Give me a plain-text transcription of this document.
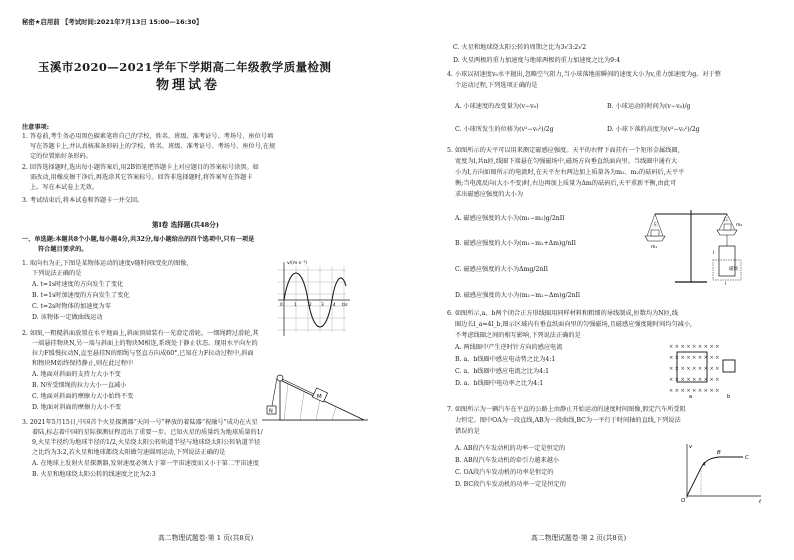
秘密★启用前 【考试时间:2021年7月13日 15:00—16:30】
玉溪市2020—2021学年下学期高二年级教学质量检测
物理试卷
注意事项:
1. 答卷前,考生务必用黑色碳素笔将自己的学校、姓名、班级、准考证号、考场号、座位号填
写在答题卡上,并认真核准条形码上的学校、姓名、班级、准考证号、考场号、座位号,在规
定的位置贴好条形码。
2. 回答选择题时,选出每小题答案后,用2B铅笔把答题卡上对应题目的答案标号涂黑。如
需改动,用橡皮擦干净后,再选涂其它答案标号。回答非选择题时,将答案写在答题卡
上。写在本试卷上无效。
3. 考试结束后,将本试卷和答题卡一并交回。
第Ⅰ卷 选择题(共48分)
一、单选题:本题共8个小题,每小题4分,共32分,每小题给出的四个选项中,只有一项是
符合题目要求的。
1. 取向右为正,下图是某物体运动的速度v随时间t变化的图像,
下列说法正确的是
A. t=1s时速度的方向发生了变化
B. t=1s时加速度的方向发生了变化
C. t=2s时物体的加速度为零
D. 该物体一定做曲线运动
v/(m·s⁻¹)
t/s
0	1	2 3 4
2. 如图,一粗糙斜面放置在水平地面上,斜面顶端装有一光滑定滑轮。一细绳跨过滑轮,其
一端悬挂物块N,另一端与斜面上的物块M相连,系统处于静止状态。现用水平向左的
拉力F缓慢拉动N,直至悬挂N的细绳与竖直方向成60°,已知在力F拉动过程中,斜面
和物块M始终保持静止,则在此过程中
A. 地面对斜面的支持力大小不变
B. N所受细绳的拉力大小一直减小
C. 地面对斜面的摩擦力大小始终不变
D. 地面对斜面的摩擦力大小不变
M
N
3. 2021年5月15日,中国首个火星探测器“天问一号”释放的着陆器“祝融号”成功在火星
着陆,标志着中国的星际探测征程迈出了重要一步。已知火星的质量约为地球质量的1/
9,火星半径约为地球半径的1/2,火星绕太阳公转轨道半径与地球绕太阳公转轨道半径
之比约为3:2,若火星和地球都绕太阳做匀速圆周运动,下列说法正确的是
A. 在地球上发射火星探测器,发射速度必须大于第一宇宙速度而又小于第二宇宙速度
B. 火星和地球绕太阳公转的线速度之比为2:3
高二物理试题卷·第 1 页(共8页)
C. 火星和地球绕太阳公转的周期之比为3√3:2√2
D. 火星两极的重力加速度与地球两极的重力加速度之比为9:4
4. 小球以初速度v₀水平抛出,忽略空气阻力,当小球落地前瞬间的速度大小为v,重力加速度为g。对于整
个运动过程,下列选项正确的是
A. 小球速度的改变量为(v−v₀)	B. 小球运动的时间为(v−v₀)/g
C. 小球所发生的位移为(v²−v₀²)/2g	D. 小球下落的高度为(v²−v₀²)/2g
5. 如图所示的天平可以用来测定磁感应强度。天平的右臂下面挂有一个矩形金属线圈,
宽度为l,共n匝,线圈下端悬在匀强磁场中,磁场方向垂直纸面向里。当线圈中通有大
小为I,方向如图所示的电流时,在天平左右两边加上质量各为m₁、m₂的砝码后,天平平
衡;当电流反向(大小不变)时,右边再加上质量为Δm的砝码后,天平重新平衡,由此可
求出磁感应强度的大小为
A. 磁感应强度的大小为(m₁−m₂)g/2nIl
B. 磁感应强度的大小为(m₁−m₂+Δm)g/nIl
C. 磁感应强度的大小为Δmg/2nIl
D. 磁感应强度的大小为(m₁−m₂−Δm)g/2nIl
m₁
左	m₂
右
磁场
I
l
6. 如图所示,a、b两个闭合正方形线圈用同样材料和粗细的导线制成,匝数均为N匝,线
圈边长l_a=4l_b,图示区域内有垂直纸面向里的匀强磁场,且磁感应强度随时间均匀减小,
不考虑线圈之间的相互影响,下列说法正确的是
A. 两线圈中产生逆时针方向的感应电流
B. a、b线圈中感应电动势之比为4:1
C. a、b线圈中感应电流之比为4:1
D. a、b线圈中电功率之比为4:1
× × × × × × × × ×
× × × × × × × × ×
× × × × × × × × ×
× × × × × × × × ×
× × × × × × × × ×
a	b
7. 如图所示为一辆汽车在平直的公路上由静止开始运动的速度时间图像,假定汽车所受阻
力恒定。图中OA为一段直线,AB为一段曲线,BC为一平行于时间轴的直线,下列说法
错误的是
A. AB段汽车发动机的功率一定是恒定的
B. AB段汽车发动机的牵引力越来越小
C. OA段汽车发动机的功率是恒定的
D. BC段汽车发动机的功率一定是恒定的
v
t
O
A
B
C
高二物理试题卷·第 2 页(共8页)
